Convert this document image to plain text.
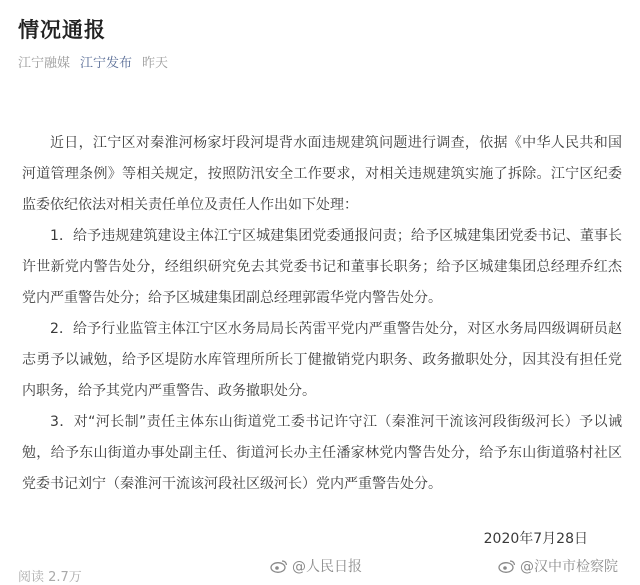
情况通报
江宁融媒 江宁发布 昨天

近日，江宁区对秦淮河杨家圩段河堤背水面违规建筑问题进行调查，依据《中华人民共和国河道管理条例》等相关规定，按照防汛安全工作要求，对相关违规建筑实施了拆除。江宁区纪委监委依纪依法对相关责任单位及责任人作出如下处理：

1．给予违规建筑建设主体江宁区城建集团党委通报问责；给予区城建集团党委书记、董事长许世新党内警告处分，经组织研究免去其党委书记和董事长职务；给予区城建集团总经理乔红杰党内严重警告处分；给予区城建集团副总经理郭霞华党内警告处分。

2．给予行业监管主体江宁区水务局局长芮雷平党内严重警告处分，对区水务局四级调研员赵志勇予以诫勉，给予区堤防水库管理所所长丁健撤销党内职务、政务撤职处分，因其没有担任党内职务，给予其党内严重警告、政务撤职处分。

3．对“河长制”责任主体东山街道党工委书记许守江（秦淮河干流该河段街级河长）予以诫勉，给予东山街道办事处副主任、街道河长办主任潘家林党内警告处分，给予东山街道骆村社区党委书记刘宁（秦淮河干流该河段社区级河长）党内严重警告处分。

2020年7月28日
阅读 2.7万
@人民日报	@汉中市检察院
